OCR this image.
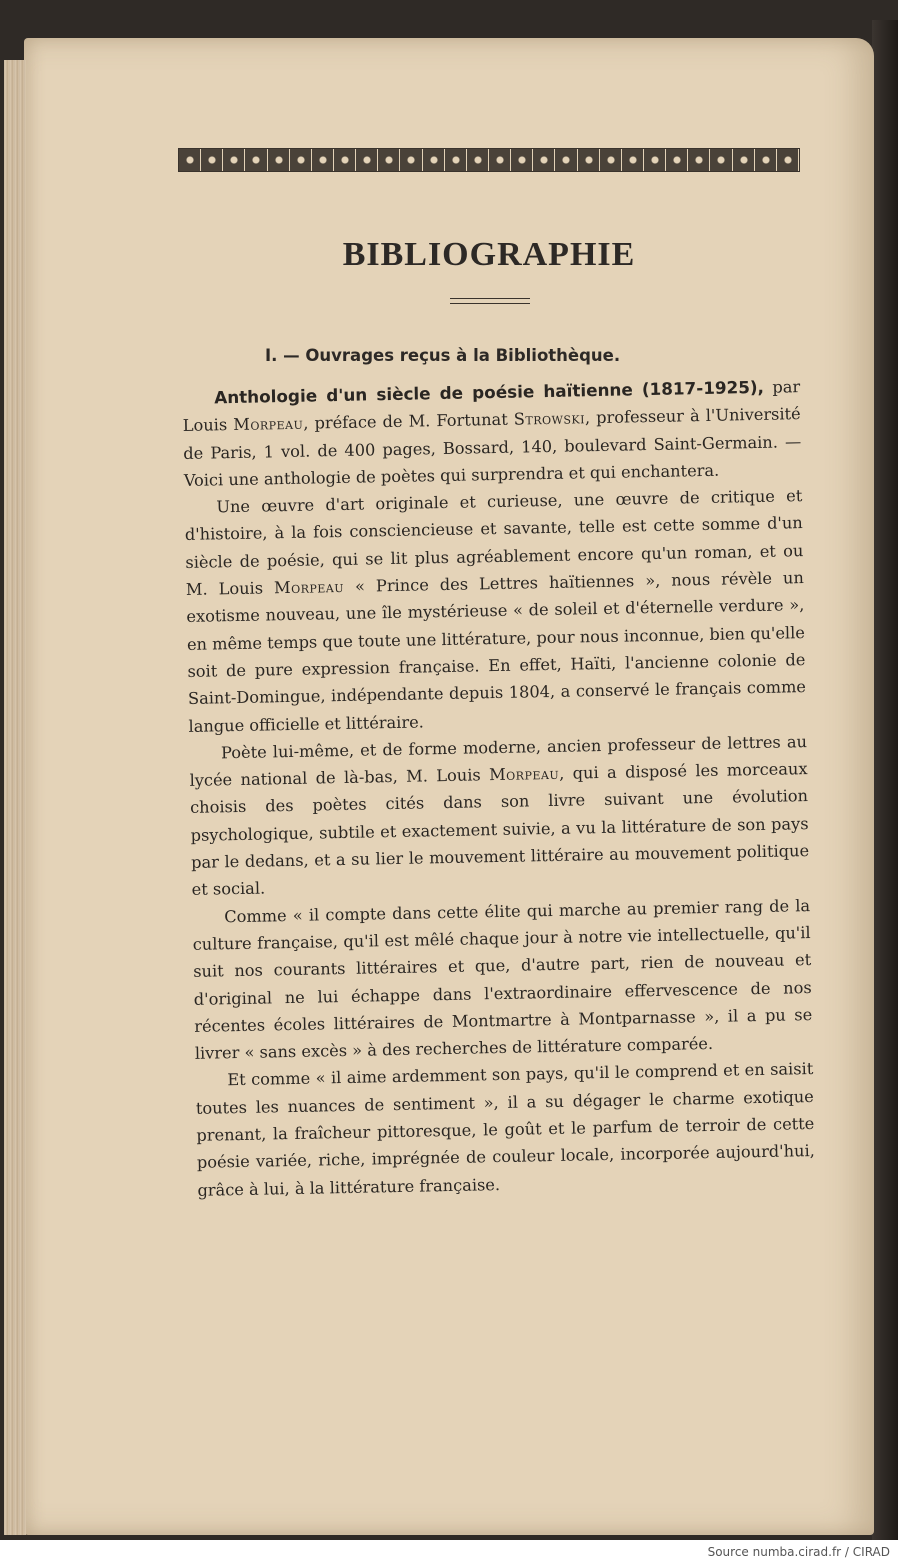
BIBLIOGRAPHIE
I. — Ouvrages reçus à la Bibliothèque.

Anthologie d'un siècle de poésie haïtienne (1817-1925), par Louis Morpeau, préface de M. Fortunat Strowski, professeur à l'Université de Paris, 1 vol. de 400 pages, Bossard, 140, boulevard Saint-Germain. — Voici une anthologie de poètes qui surprendra et qui enchantera.

Une œuvre d'art originale et curieuse, une œuvre de critique et d'histoire, à la fois consciencieuse et savante, telle est cette somme d'un siècle de poésie, qui se lit plus agréablement encore qu'un roman, et ou M. Louis Morpeau « Prince des Lettres haïtiennes », nous révèle un exotisme nouveau, une île mystérieuse « de soleil et d'éternelle verdure », en même temps que toute une littérature, pour nous inconnue, bien qu'elle soit de pure expression française. En effet, Haïti, l'ancienne colonie de Saint-Domingue, indépendante depuis 1804, a conservé le français comme langue officielle et littéraire.

Poète lui-même, et de forme moderne, ancien professeur de lettres au lycée national de là-bas, M. Louis Morpeau, qui a disposé les morceaux choisis des poètes cités dans son livre suivant une évolution psychologique, subtile et exactement suivie, a vu la littérature de son pays par le dedans, et a su lier le mouvement littéraire au mouvement politique et social.

Comme « il compte dans cette élite qui marche au premier rang de la culture française, qu'il est mêlé chaque jour à notre vie intellectuelle, qu'il suit nos courants littéraires et que, d'autre part, rien de nouveau et d'original ne lui échappe dans l'extraordinaire effervescence de nos récentes écoles littéraires de Montmartre à Montparnasse », il a pu se livrer « sans excès » à des recherches de littérature comparée.

Et comme « il aime ardemment son pays, qu'il le comprend et en saisit toutes les nuances de sentiment », il a su dégager le charme exotique prenant, la fraîcheur pittoresque, le goût et le parfum de terroir de cette poésie variée, riche, imprégnée de couleur locale, incorporée aujourd'hui, grâce à lui, à la littérature française.

Source numba.cirad.fr / CIRAD
